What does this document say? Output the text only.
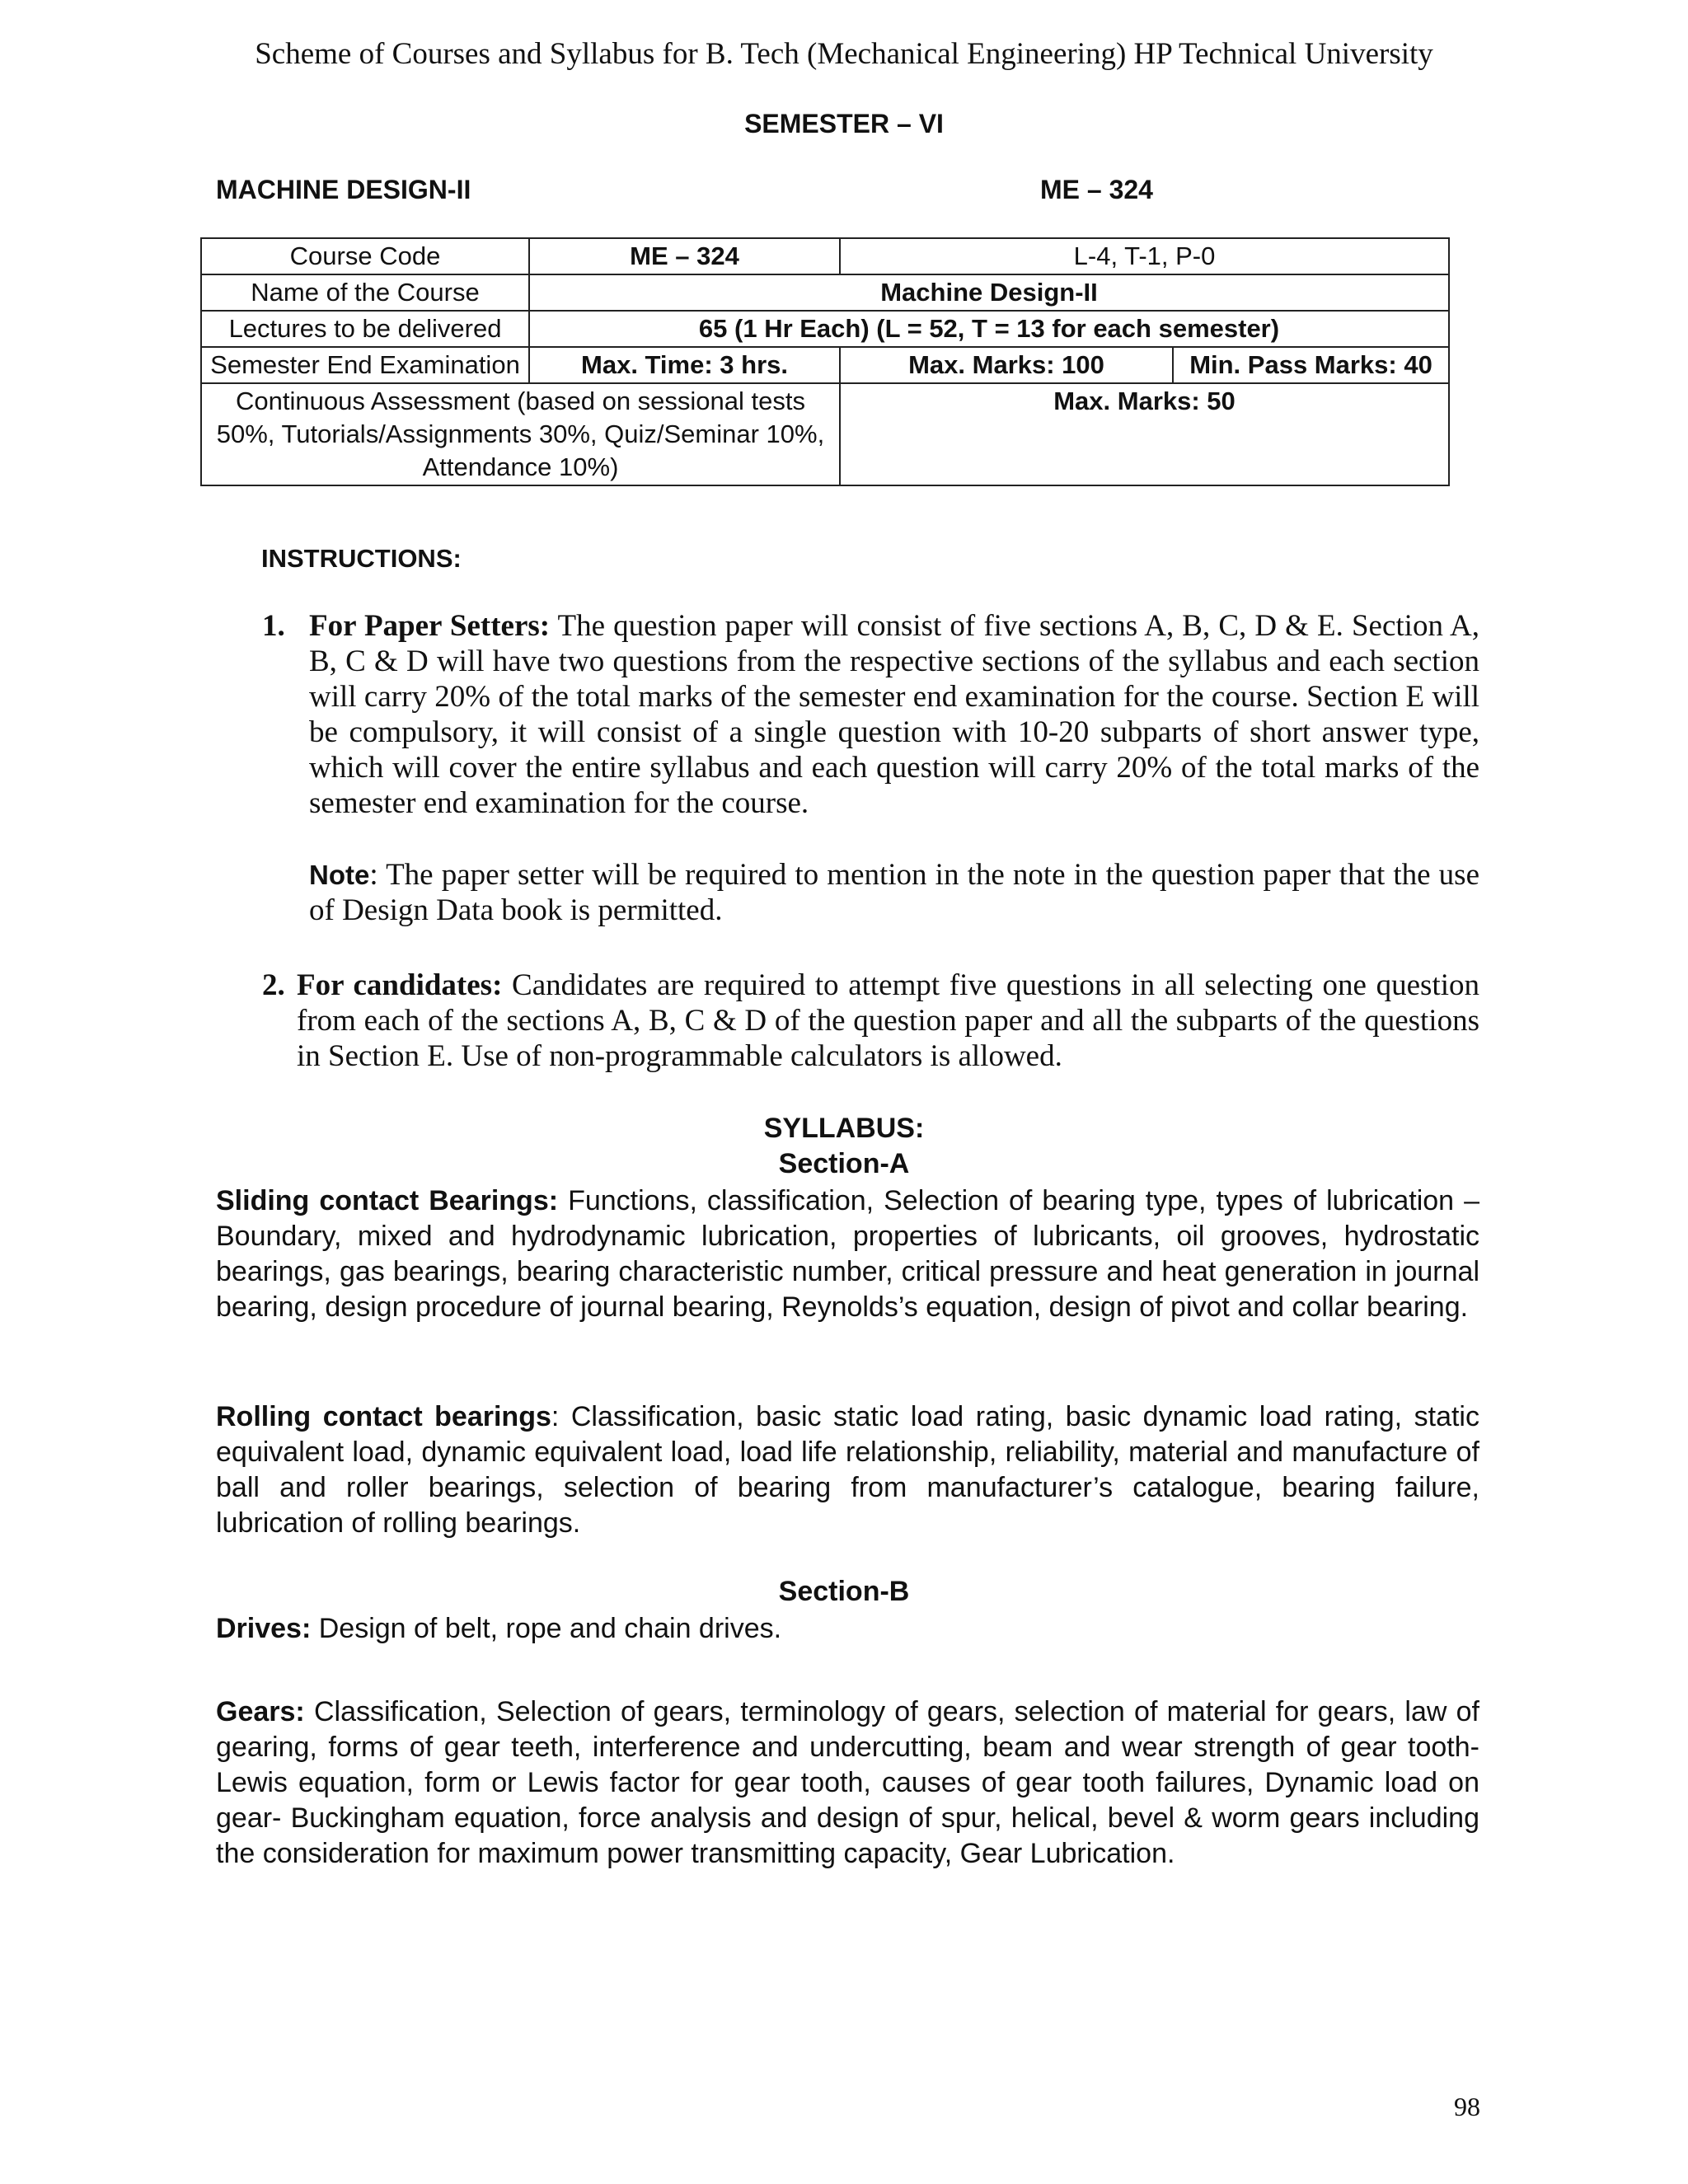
Scheme of Courses and Syllabus for B. Tech (Mechanical Engineering) HP Technical University
SEMESTER – VI
MACHINE DESIGN-II	ME – 324
Course Code	ME – 324	L-4, T-1, P-0	
Name of the Course	Machine Design-II		
Lectures to be delivered	65 (1 Hr Each) (L = 52, T = 13 for each semester)		
Semester End Examination	Max. Time: 3 hrs.	Max. Marks: 100	Min. Pass Marks: 40
Continuous Assessment (based on sessional tests 50%, Tutorials/Assignments 30%, Quiz/Seminar 10%, Attendance 10%)		Max. Marks: 50	
INSTRUCTIONS:
1. For Paper Setters: The question paper will consist of five sections A, B, C, D & E. Section A, B, C & D will have two questions from the respective sections of the syllabus and each section will carry 20% of the total marks of the semester end examination for the course. Section E will be compulsory, it will consist of a single question with 10-20 subparts of short answer type, which will cover the entire syllabus and each question will carry 20% of the total marks of the semester end examination for the course.
Note: The paper setter will be required to mention in the note in the question paper that the use of Design Data book is permitted.
2. For candidates: Candidates are required to attempt five questions in all selecting one question from each of the sections A, B, C & D of the question paper and all the subparts of the questions in Section E. Use of non-programmable calculators is allowed.
SYLLABUS:
Section-A
Sliding contact Bearings: Functions, classification, Selection of bearing type, types of lubrication – Boundary, mixed and hydrodynamic lubrication, properties of lubricants, oil grooves, hydrostatic bearings, gas bearings, bearing characteristic number, critical pressure and heat generation in journal bearing, design procedure of journal bearing, Reynolds’s equation, design of pivot and collar bearing.
Rolling contact bearings: Classification, basic static load rating, basic dynamic load rating, static equivalent load, dynamic equivalent load, load life relationship, reliability, material and manufacture of ball and roller bearings, selection of bearing from manufacturer’s catalogue, bearing failure, lubrication of rolling bearings.
Section-B
Drives: Design of belt, rope and chain drives.
Gears: Classification, Selection of gears, terminology of gears, selection of material for gears, law of gearing, forms of gear teeth, interference and undercutting, beam and wear strength of gear tooth- Lewis equation, form or Lewis factor for gear tooth, causes of gear tooth failures, Dynamic load on gear- Buckingham equation, force analysis and design of spur, helical, bevel & worm gears including the consideration for maximum power transmitting capacity, Gear Lubrication.
98
